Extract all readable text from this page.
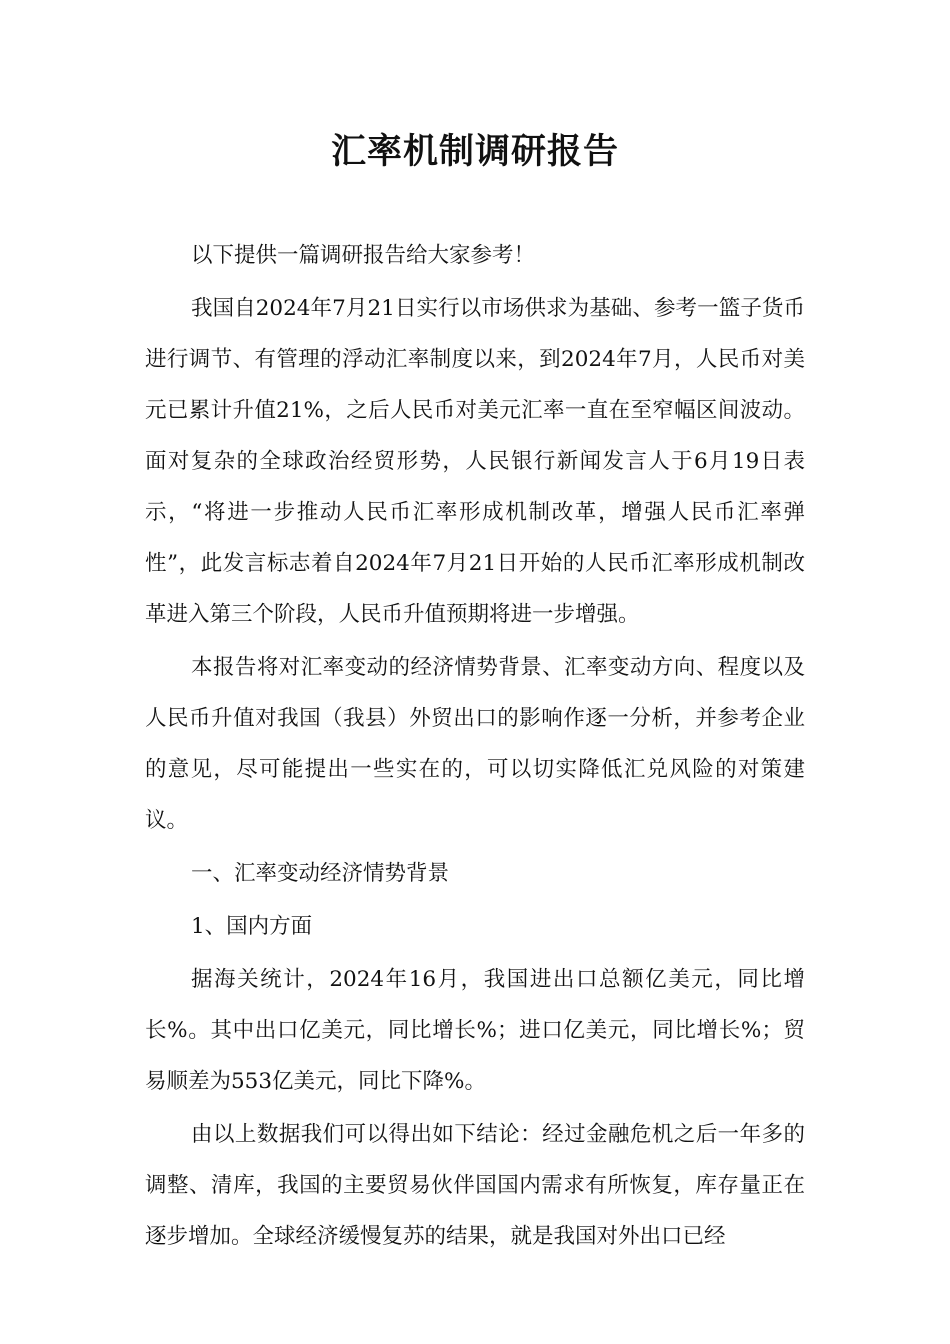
汇率机制调研报告

以下提供一篇调研报告给大家参考！

我国自2024年7月21日实行以市场供求为基础、参考一篮子货币进行调节、有管理的浮动汇率制度以来，到2024年7月，人民币对美元已累计升值21%，之后人民币对美元汇率一直在至窄幅区间波动。面对复杂的全球政治经贸形势，人民银行新闻发言人于6月19日表示，“将进一步推动人民币汇率形成机制改革，增强人民币汇率弹性”，此发言标志着自2024年7月21日开始的人民币汇率形成机制改革进入第三个阶段，人民币升值预期将进一步增强。

本报告将对汇率变动的经济情势背景、汇率变动方向、程度以及人民币升值对我国（我县）外贸出口的影响作逐一分析，并参考企业的意见，尽可能提出一些实在的，可以切实降低汇兑风险的对策建议。

一、汇率变动经济情势背景

1、国内方面

据海关统计，2024年16月，我国进出口总额亿美元，同比增长%。其中出口亿美元，同比增长%；进口亿美元，同比增长%；贸易顺差为553亿美元，同比下降%。

由以上数据我们可以得出如下结论：经过金融危机之后一年多的调整、清库，我国的主要贸易伙伴国国内需求有所恢复，库存量正在逐步增加。全球经济缓慢复苏的结果，就是我国对外出口已经
